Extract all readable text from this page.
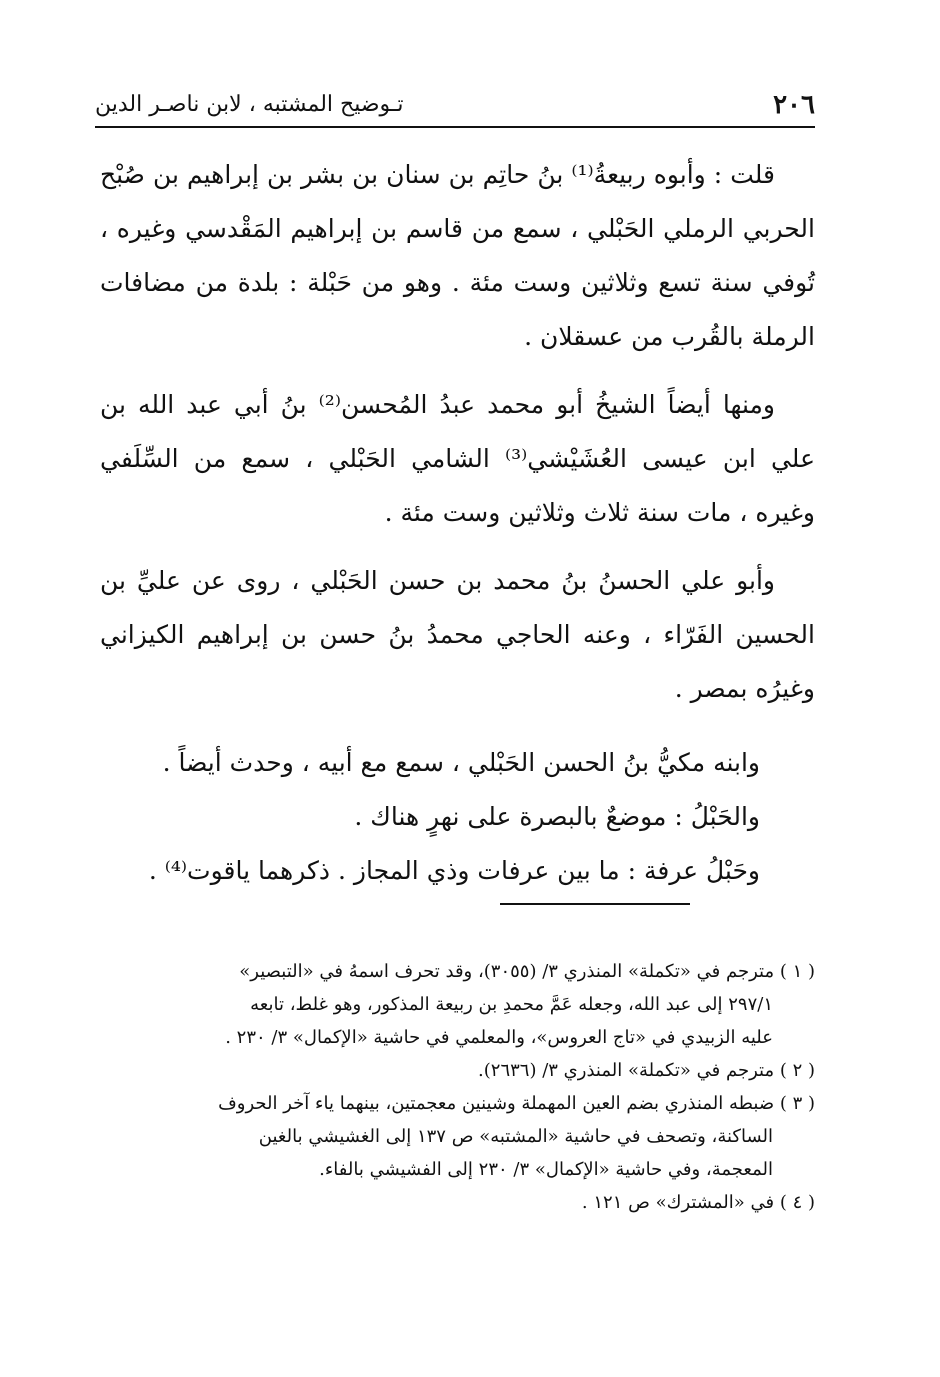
٢٠٦
تـوضيح المشتبه ، لابن ناصـر الدين

قلت : وأبوه ربيعةُ⁽¹⁾ بنُ حاتِم بن سنان بن بشر بن إبراهيم بن صُبْح الحربي الرملي الحَبْلي ، سمع من قاسم بن إبراهيم المَقْدسي وغيره ، تُوفي سنة تسع وثلاثين وست مئة . وهو من حَبْلة : بلدة من مضافات الرملة بالقُرب من عسقلان .

ومنها أيضاً الشيخُ أبو محمد عبدُ المُحسن⁽²⁾ بنُ أبي عبد الله بن علي ابن عيسى العُشَيْشي⁽³⁾ الشامي الحَبْلي ، سمع من السِّلَفي وغيره ، مات سنة ثلاث وثلاثين وست مئة .

وأبو علي الحسنُ بنُ محمد بن حسن الحَبْلي ، روى عن عليِّ بن الحسين الفَرّاء ، وعنه الحاجي محمدُ بنُ حسن بن إبراهيم الكيزاني وغيرُه بمصر .

وابنه مكيُّ بنُ الحسن الحَبْلي ، سمع مع أبيه ، وحدث أيضاً .

والحَبْلُ : موضعٌ بالبصرة على نهرٍ هناك .

وحَبْلُ عرفة : ما بين عرفات وذي المجاز . ذكرهما ياقوت⁽⁴⁾ .

( ١ ) مترجم في «تكملة» المنذري ٣/ (٣٠٥٥)، وقد تحرف اسمهُ في «التبصير»

٢٩٧/١ إلى عبد الله، وجعله عَمَّ محمدِ بن ربيعة المذكور، وهو غلط، تابعه

عليه الزبيدي في «تاج العروس»، والمعلمي في حاشية «الإكمال» ٣/ ٢٣٠ .

( ٢ ) مترجم في «تكملة» المنذري ٣/ (٢٦٣٦).

( ٣ ) ضبطه المنذري بضم العين المهملة وشينين معجمتين، بينهما ياء آخر الحروف

الساكنة، وتصحف في حاشية «المشتبه» ص ١٣٧ إلى الغشيشي بالغين

المعجمة، وفي حاشية «الإكمال» ٣/ ٢٣٠ إلى الفشيشي بالفاء.

( ٤ ) في «المشترك» ص ١٢١ .
